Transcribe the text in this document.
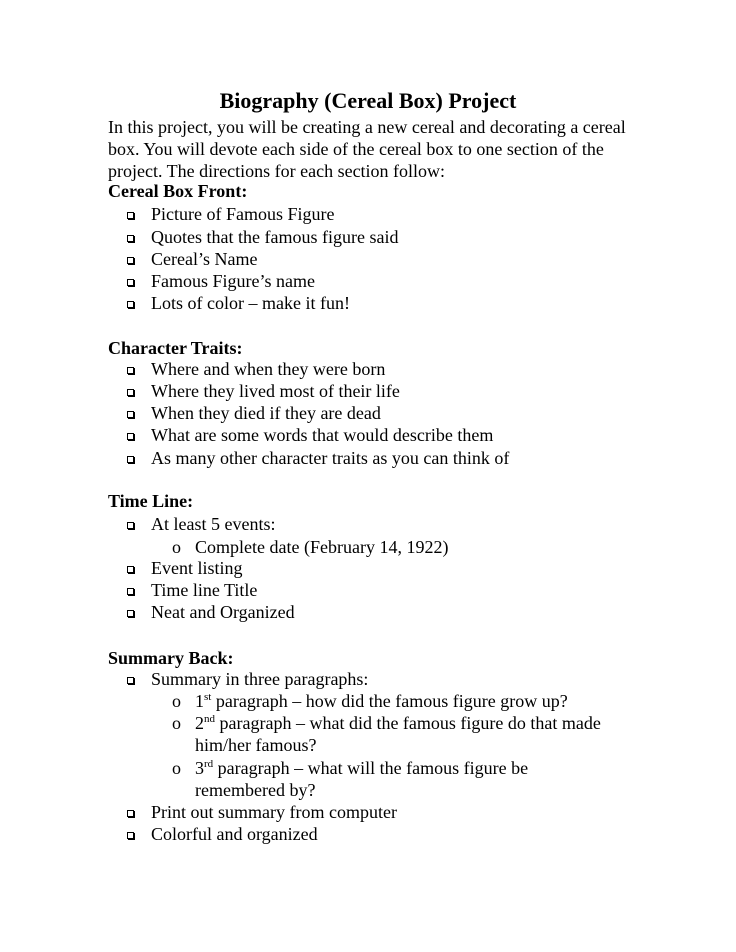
Biography (Cereal Box) Project
In this project, you will be creating a new cereal and decorating a cereal box. You will devote each side of the cereal box to one section of the project. The directions for each section follow:
Cereal Box Front:
Picture of Famous Figure
Quotes that the famous figure said
Cereal’s Name
Famous Figure’s name
Lots of color – make it fun!
Character Traits:
Where and when they were born
Where they lived most of their life
When they died if they are dead
What are some words that would describe them
As many other character traits as you can think of
Time Line:
At least 5 events:
o Complete date (February 14, 1922)
Event listing
Time line Title
Neat and Organized
Summary Back:
Summary in three paragraphs:
o 1st paragraph – how did the famous figure grow up?
o 2nd paragraph – what did the famous figure do that made him/her famous?
o 3rd paragraph – what will the famous figure be remembered by?
Print out summary from computer
Colorful and organized
